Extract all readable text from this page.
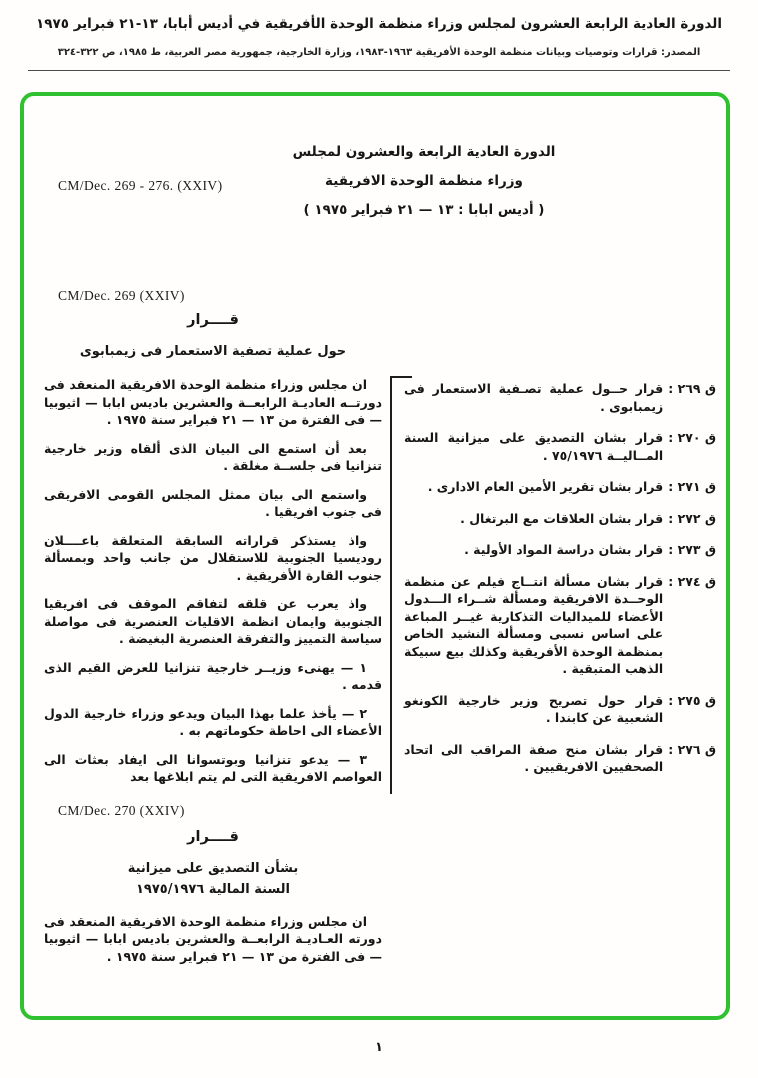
الدورة العادية الرابعة العشرون لمجلس وزراء منظمة الوحدة الأفريقية في أديس أبابا، ١٣-٢١ فبراير ١٩٧٥
المصدر: قرارات وتوصيات وبيانات منظمة الوحدة الأفريقية ١٩٦٣-١٩٨٣، وزارة الخارجية، جمهورية مصر العربية، ط ١٩٨٥، ص ٣٢٢-٣٢٤
CM/Dec. 269 - 276. (XXIV)
الدورة العادية الرابعة والعشرون لمجلس
وزراء منظمة الوحدة الافريقية
( أديس ابابا : ١٣ — ٢١ فبراير ١٩٧٥ )
CM/Dec. 269 (XXIV)
قــــرار
حول عملية تصفية الاستعمار فى زيمبابوى

ان مجلس وزراء منظمة الوحدة الافريقية المنعقد فى دورتــه العاديـة الرابعــة والعشرين باديس ابابا — اثيوبيا — فى الفترة من ١٣ — ٢١ فبراير سنة ١٩٧٥ .

بعد أن استمع الى البيان الذى ألقاه وزير خارجية تنزانيا فى جلســة مغلقة .

واستمع الى بيان ممثل المجلس القومى الافريقى فى جنوب افريقيا .

واذ يستذكر قراراته السابقة المتعلقة باعــــلان روديسيا الجنوبية للاستقلال من جانب واحد وبمسألة جنوب القارة الأفريقية .

واذ يعرب عن قلقه لتفاقم الموقف فى افريقيا الجنوبية وايمان انظمة الاقليات العنصرية فى مواصلة سياسة التمييز والتفرقة العنصرية البغيضة .

١ — يهنىء وزيــر خارجية تنزانيا للعرض القيم الذى قدمه .

٢ — يأخذ علما بهذا البيان ويدعو وزراء خارجية الدول الأعضاء الى احاطة حكوماتهم به .

٣ — يدعو تنزانيا وبوتسوانا الى ايفاد بعثات الى العواصم الافريقية التى لم يتم ابلاغها بعد

CM/Dec. 270 (XXIV)
قــــرار
بشأن التصديق على ميزانية
السنة المالية ١٩٧٥/١٩٧٦

ان مجلس وزراء منظمة الوحدة الافريقية المنعقد فى دورته العـاديـة الرابعــة والعشرين باديس ابابا — اثيوبيا — فى الفترة من ١٣ — ٢١ فبراير سنة ١٩٧٥ .

ق ٢٦٩ :
قرار حــول عملية تصـفية الاستعمار فى زيمبابوى .
ق ٢٧٠ :
قرار بشان التصديق على ميزانية السنة المــاليــة ٧٥/١٩٧٦ .
ق ٢٧١ :
قرار بشان تقرير الأمين العام الادارى .
ق ٢٧٢ :
قرار بشان العلاقات مع البرتغال .
ق ٢٧٣ :
قرار بشان دراسة المواد الأولية .
ق ٢٧٤ :
قرار بشان مسألة انتــاج فيلم عن منظمة الوحــدة الافريقية ومسألة شــراء الـــدول الأعضاء للميداليات التذكارية غيــر المباعة على اساس نسبى ومسألة النشيد الخاص بمنظمة الوحدة الأفريقية وكذلك بيع سبيكة الذهب المتبقية .
ق ٢٧٥ :
قرار حول تصريح وزير خارجية الكونغو الشعبية عن كابندا .
ق ٢٧٦ :
قرار بشان منح صفة المراقب الى اتحاد الصحفيين الافريقيين .
١
